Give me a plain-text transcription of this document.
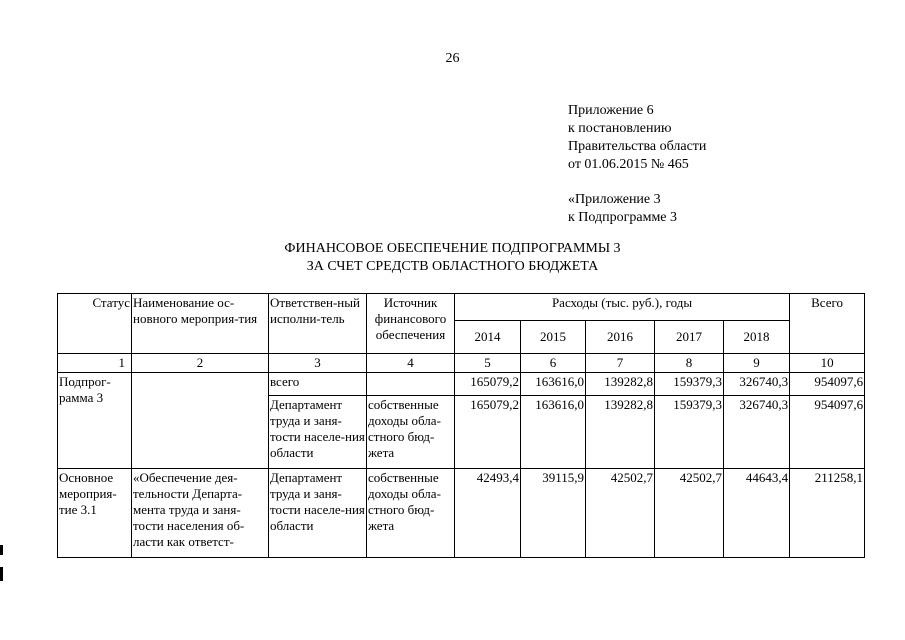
26
Приложение 6
к постановлению
Правительства области
от 01.06.2015 № 465
«Приложение 3
к Подпрограмме 3
ФИНАНСОВОЕ ОБЕСПЕЧЕНИЕ ПОДПРОГРАММЫ 3
ЗА СЧЕТ СРЕДСТВ ОБЛАСТНОГО БЮДЖЕТА
Статус	Наименование ос-новного мероприя-тия	Ответствен-ный исполни-тель	Источник финансового обеспечения	Расходы (тыс. руб.), годы					Всего
				2014	2015	2016	2017	2018	
1	2	3	4	5	6	7	8	9	10
Подпрог-рамма 3		всего		165079,2	163616,0	139282,8	159379,3	326740,3	954097,6
		Департамент труда и заня-тости населе-ния области	собственные доходы обла-стного бюд-жета	165079,2	163616,0	139282,8	159379,3	326740,3	954097,6
Основное мероприя-тие 3.1	«Обеспечение дея-тельности Департа-мента труда и заня-тости населения об-ласти как ответст-	Департамент труда и заня-тости населе-ния области	собственные доходы обла-стного бюд-жета	42493,4	39115,9	42502,7	42502,7	44643,4	211258,1
